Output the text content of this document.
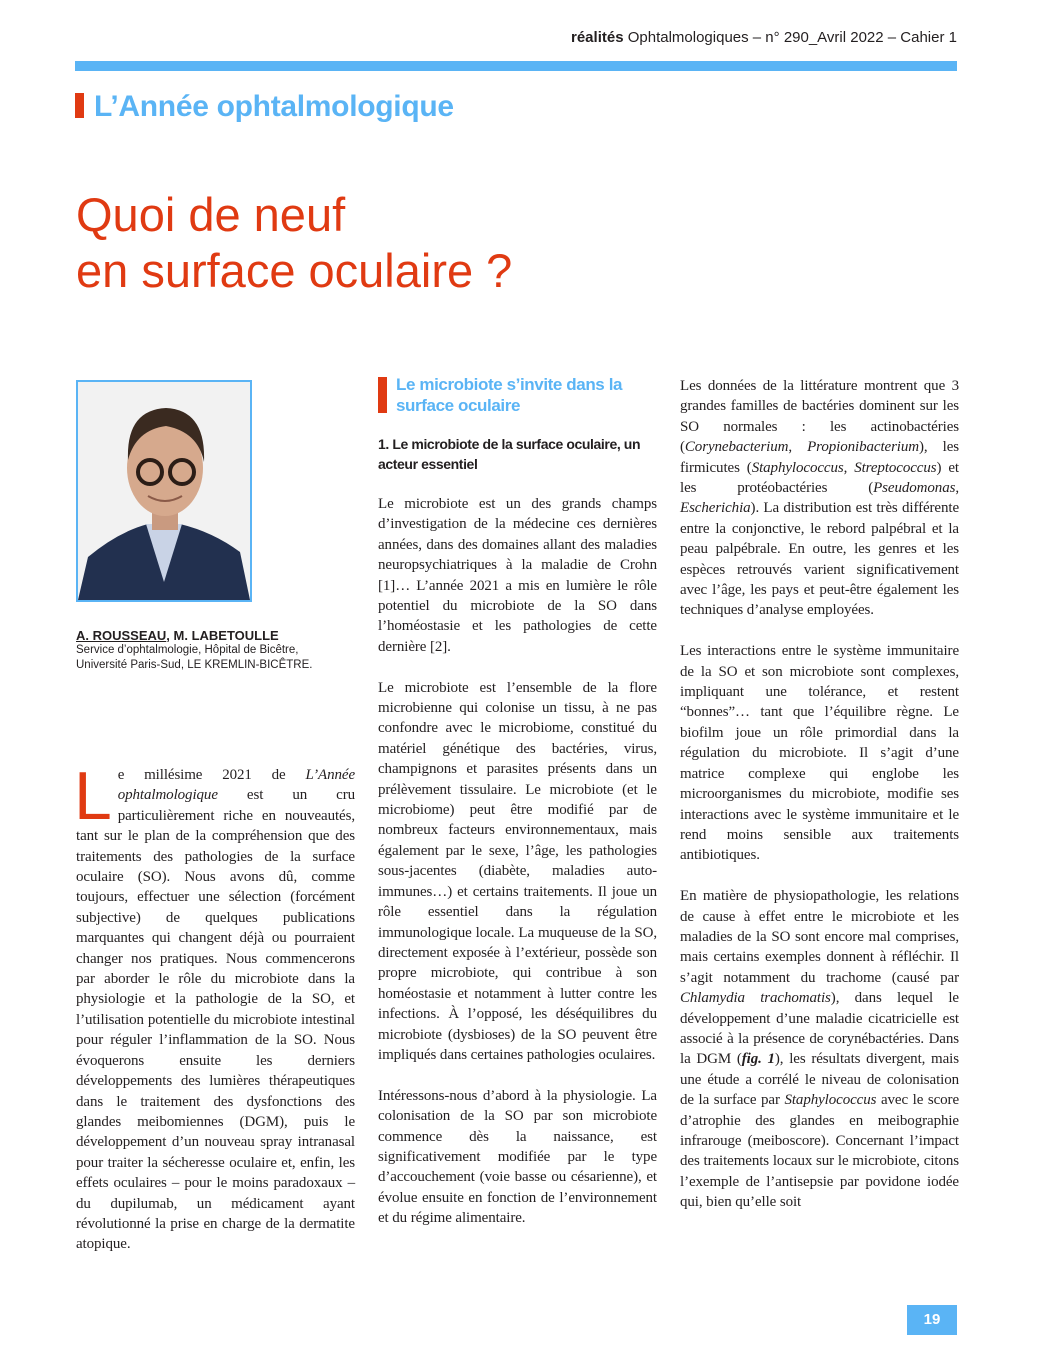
réalités Ophtalmologiques – n° 290_Avril 2022 – Cahier 1
L’Année ophtalmologique
Quoi de neuf
en surface oculaire ?
A. ROUSSEAU, M. LABETOULLE
Service d’ophtalmologie, Hôpital de Bicêtre,
Université Paris-Sud, LE KREMLIN-BICÊTRE.

Le millésime 2021 de L’Année ophtalmologique est un cru particulièrement riche en nouveautés, tant sur le plan de la compréhension que des traitements des pathologies de la surface oculaire (SO). Nous avons dû, comme toujours, effectuer une sélection (forcément subjective) de quelques publications marquantes qui changent déjà ou pourraient changer nos pratiques. Nous commencerons par aborder le rôle du microbiote dans la physiologie et la pathologie de la SO, et l’utilisation potentielle du microbiote intestinal pour réguler l’inflammation de la SO. Nous évoquerons ensuite les derniers développements des lumières thérapeutiques dans le traitement des dysfonctions des glandes meibomiennes (DGM), puis le développement d’un nouveau spray intranasal pour traiter la sécheresse oculaire et, enfin, les effets oculaires – pour le moins paradoxaux – du dupilumab, un médicament ayant révolutionné la prise en charge de la dermatite atopique.

Le microbiote s’invite dans la surface oculaire
1. Le microbiote de la surface oculaire, un acteur essentiel

Le microbiote est un des grands champs d’investigation de la médecine ces dernières années, dans des domaines allant des maladies neuropsychiatriques à la maladie de Crohn [1]… L’année 2021 a mis en lumière le rôle potentiel du microbiote de la SO dans l’homéostasie et les pathologies de cette dernière [2].

Le microbiote est l’ensemble de la flore microbienne qui colonise un tissu, à ne pas confondre avec le microbiome, constitué du matériel génétique des bactéries, virus, champignons et parasites présents dans un prélèvement tissulaire. Le microbiote (et le microbiome) peut être modifié par de nombreux facteurs environnementaux, mais également par le sexe, l’âge, les pathologies sous-jacentes (diabète, maladies auto-immunes…) et certains traitements. Il joue un rôle essentiel dans la régulation immunologique locale. La muqueuse de la SO, directement exposée à l’extérieur, possède son propre microbiote, qui contribue à son homéostasie et notamment à lutter contre les infections. À l’opposé, les déséquilibres du microbiote (dysbioses) de la SO peuvent être impliqués dans certaines pathologies oculaires.

Intéressons-nous d’abord à la physiologie. La colonisation de la SO par son microbiote commence dès la naissance, est significativement modifiée par le type d’accouchement (voie basse ou césarienne), et évolue ensuite en fonction de l’environnement et du régime alimentaire.

Les données de la littérature montrent que 3 grandes familles de bactéries dominent sur les SO normales : les actinobactéries (Corynebacterium, Propionibacterium), les firmicutes (Staphylococcus, Streptococcus) et les protéobactéries (Pseudomonas, Escherichia). La distribution est très différente entre la conjonctive, le rebord palpébral et la peau palpébrale. En outre, les genres et les espèces retrouvés varient significativement avec l’âge, les pays et peut-être également les techniques d’analyse employées.

Les interactions entre le système immunitaire de la SO et son microbiote sont complexes, impliquant une tolérance, et restent “bonnes”… tant que l’équilibre règne. Le biofilm joue un rôle primordial dans la régulation du microbiote. Il s’agit d’une matrice complexe qui englobe les microorganismes du microbiote, modifie ses interactions avec le système immunitaire et le rend moins sensible aux traitements antibiotiques.

En matière de physiopathologie, les relations de cause à effet entre le microbiote et les maladies de la SO sont encore mal comprises, mais certains exemples donnent à réfléchir. Il s’agit notamment du trachome (causé par Chlamydia trachomatis), dans lequel le développement d’une maladie cicatricielle est associé à la présence de corynébactéries. Dans la DGM (fig. 1), les résultats divergent, mais une étude a corrélé le niveau de colonisation de la surface par Staphylococcus avec le score d’atrophie des glandes en meibographie infrarouge (meiboscore). Concernant l’impact des traitements locaux sur le microbiote, citons l’exemple de l’antisepsie par povidone iodée qui, bien qu’elle soit

19
